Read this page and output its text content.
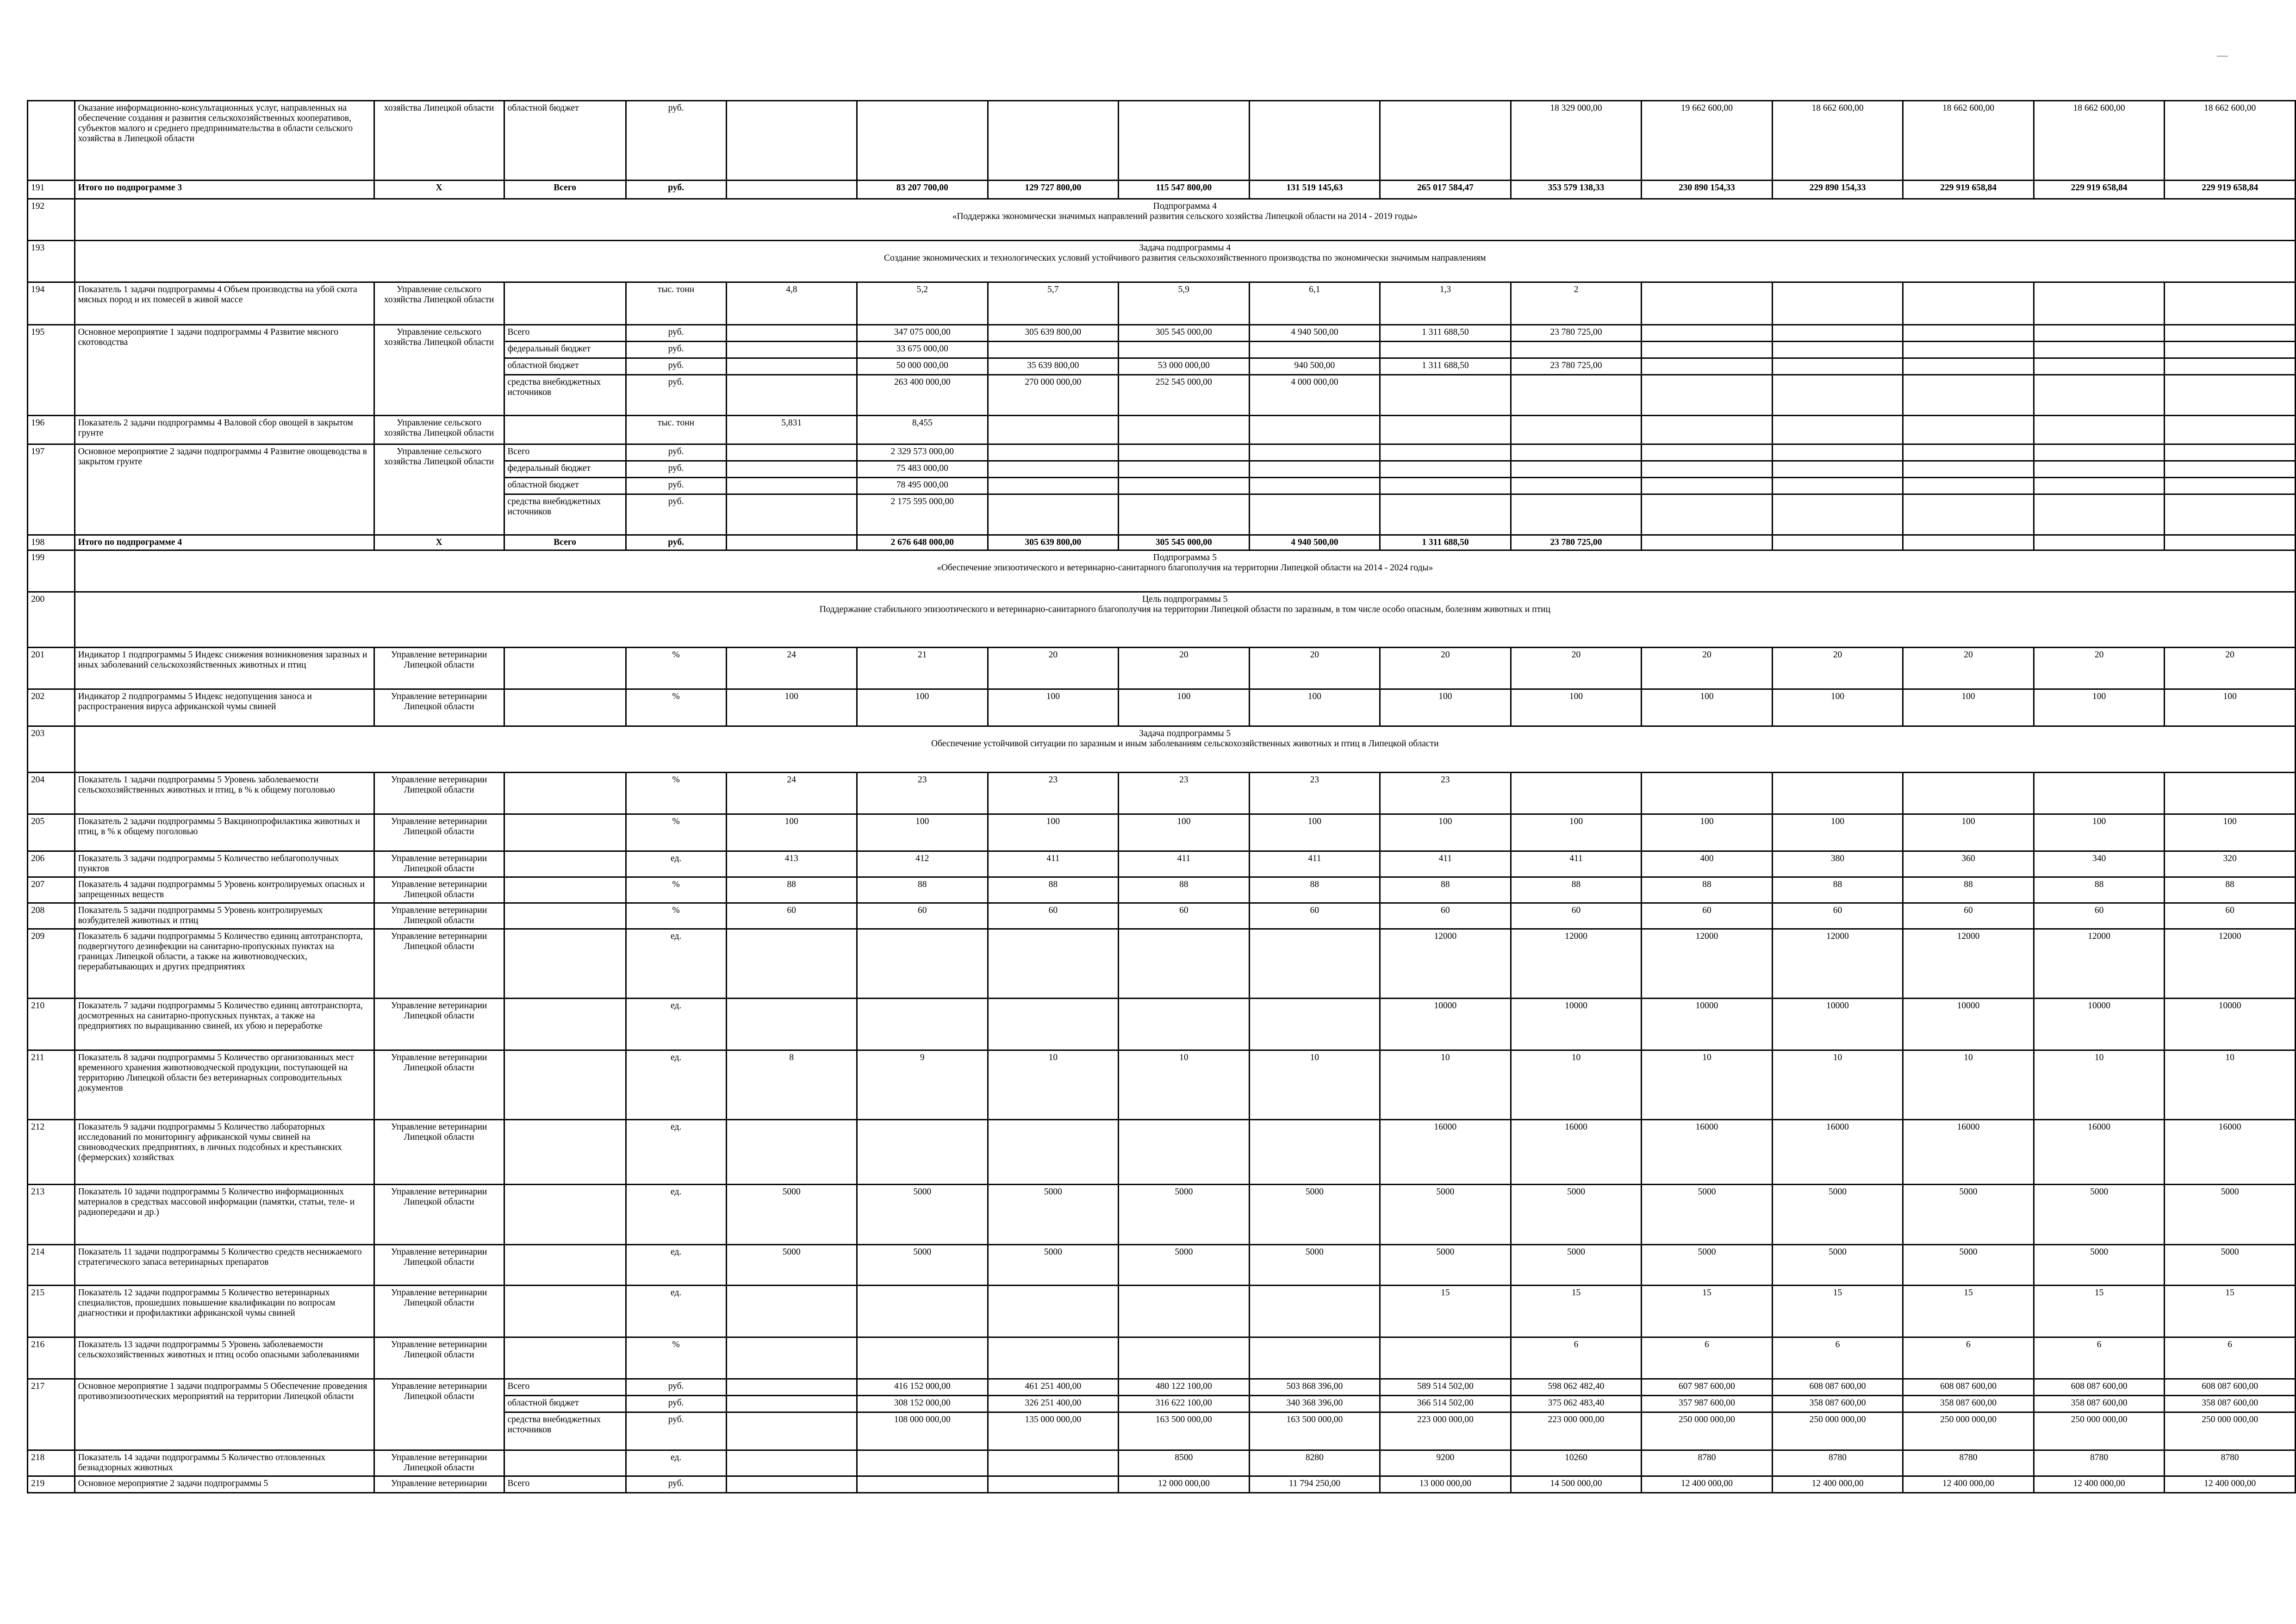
	Оказание информационно-консультационных услуг, направленных на обеспечение создания и развития сельскохозяйственных кооперативов, субъектов малого и среднего предпринимательства в области сельского хозяйства в Липецкой области	хозяйства Липецкой области	областной бюджет	руб.							18 329 000,00	19 662 600,00	18 662 600,00	18 662 600,00	18 662 600,00	18 662 600,00
191	Итого по подпрограмме 3	X	Всего	руб.		83 207 700,00	129 727 800,00	115 547 800,00	131 519 145,63	265 017 584,47	353 579 138,33	230 890 154,33	229 890 154,33	229 919 658,84	229 919 658,84	229 919 658,84
192	Подпрограмма 4
«Поддержка экономически значимых направлений развития сельского хозяйства Липецкой области на 2014 - 2019 годы»															

193	Задача подпрограммы 4
Создание экономических и технологических условий устойчивого развития сельскохозяйственного производства по экономически значимым направлениям															

194	Показатель 1 задачи подпрограммы 4 Объем производства на убой скота мясных пород и их помесей в живой массе	Управление сельского хозяйства Липецкой области		тыс. тонн	4,8	5,2	5,7	5,9	6,1	1,3	2					
195	Основное мероприятие 1 задачи подпрограммы 4 Развитие мясного скотоводства	Управление сельского хозяйства Липецкой области	Всего	руб.		347 075 000,00	305 639 800,00	305 545 000,00	4 940 500,00	1 311 688,50	23 780 725,00					
			федеральный бюджет	руб.		33 675 000,00										
			областной бюджет	руб.		50 000 000,00	35 639 800,00	53 000 000,00	940 500,00	1 311 688,50	23 780 725,00					
			средства внебюджетных источников	руб.		263 400 000,00	270 000 000,00	252 545 000,00	4 000 000,00							
196	Показатель 2 задачи подпрограммы 4 Валовой сбор овощей в закрытом грунте	Управление сельского хозяйства Липецкой области		тыс. тонн	5,831	8,455										
197	Основное мероприятие 2 задачи подпрограммы 4 Развитие овощеводства в закрытом грунте	Управление сельского хозяйства Липецкой области	Всего	руб.		2 329 573 000,00										
			федеральный бюджет	руб.		75 483 000,00										
			областной бюджет	руб.		78 495 000,00										
			средства внебюджетных источников	руб.		2 175 595 000,00										
198	Итого по подпрограмме 4	X	Всего	руб.		2 676 648 000,00	305 639 800,00	305 545 000,00	4 940 500,00	1 311 688,50	23 780 725,00					
199	Подпрограмма 5
«Обеспечение эпизоотического и ветеринарно-санитарного благополучия на территории Липецкой области на 2014 - 2024 годы»															

200	Цель подпрограммы 5
Поддержание стабильного эпизоотического и ветеринарно-санитарного благополучия на территории Липецкой области по заразным, в том числе особо опасным, болезням животных и птиц															

201	Индикатор 1 подпрограммы 5 Индекс снижения возникновения заразных и иных заболеваний сельскохозяйственных животных и птиц	Управление ветеринарии Липецкой области		%	24	21	20	20	20	20	20	20	20	20	20	20
202	Индикатор 2 подпрограммы 5 Индекс недопущения заноса и распространения вируса африканской чумы свиней	Управление ветеринарии Липецкой области		%	100	100	100	100	100	100	100	100	100	100	100	100
203	Задача подпрограммы 5
Обеспечение устойчивой ситуации по заразным и иным заболеваниям сельскохозяйственных животных и птиц в Липецкой области															

204	Показатель 1 задачи подпрограммы 5 Уровень заболеваемости сельскохозяйственных животных и птиц, в % к общему поголовью	Управление ветеринарии Липецкой области		%	24	23	23	23	23	23						
205	Показатель 2 задачи подпрограммы 5 Вакцинопрофилактика животных и птиц, в % к общему поголовью	Управление ветеринарии Липецкой области		%	100	100	100	100	100	100	100	100	100	100	100	100
206	Показатель 3 задачи подпрограммы 5 Количество неблагополучных пунктов	Управление ветеринарии Липецкой области		ед.	413	412	411	411	411	411	411	400	380	360	340	320
207	Показатель 4 задачи подпрограммы 5 Уровень контролируемых опасных и запрещенных веществ	Управление ветеринарии Липецкой области		%	88	88	88	88	88	88	88	88	88	88	88	88
208	Показатель 5 задачи подпрограммы 5 Уровень контролируемых возбудителей животных и птиц	Управление ветеринарии Липецкой области		%	60	60	60	60	60	60	60	60	60	60	60	60
209	Показатель 6 задачи подпрограммы 5 Количество единиц автотранспорта, подвергнутого дезинфекции на санитарно-пропускных пунктах на границах Липецкой области, а также на животноводческих, перерабатывающих и других предприятиях	Управление ветеринарии Липецкой области		ед.						12000	12000	12000	12000	12000	12000	12000
210	Показатель 7 задачи подпрограммы 5 Количество единиц автотранспорта, досмотренных на санитарно-пропускных пунктах, а также на предприятиях по выращиванию свиней, их убою и переработке	Управление ветеринарии Липецкой области		ед.						10000	10000	10000	10000	10000	10000	10000
211	Показатель 8 задачи подпрограммы 5 Количество организованных мест временного хранения животноводческой продукции, поступающей на территорию Липецкой области без ветеринарных сопроводительных документов	Управление ветеринарии Липецкой области		ед.	8	9	10	10	10	10	10	10	10	10	10	10
212	Показатель 9 задачи подпрограммы 5 Количество лабораторных исследований по мониторингу африканской чумы свиней на свиноводческих предприятиях, в личных подсобных и крестьянских (фермерских) хозяйствах	Управление ветеринарии Липецкой области		ед.						16000	16000	16000	16000	16000	16000	16000
213	Показатель 10 задачи подпрограммы 5 Количество информационных материалов в средствах массовой информации (памятки, статьи, теле- и радиопередачи и др.)	Управление ветеринарии Липецкой области		ед.	5000	5000	5000	5000	5000	5000	5000	5000	5000	5000	5000	5000
214	Показатель 11 задачи подпрограммы 5 Количество средств неснижаемого стратегического запаса ветеринарных препаратов	Управление ветеринарии Липецкой области		ед.	5000	5000	5000	5000	5000	5000	5000	5000	5000	5000	5000	5000
215	Показатель 12 задачи подпрограммы 5 Количество ветеринарных специалистов, прошедших повышение квалификации по вопросам диагностики и профилактики африканской чумы свиней	Управление ветеринарии Липецкой области		ед.						15	15	15	15	15	15	15
216	Показатель 13 задачи подпрограммы 5 Уровень заболеваемости сельскохозяйственных животных и птиц особо опасными заболеваниями	Управление ветеринарии Липецкой области		%							6	6	6	6	6	6
217	Основное мероприятие 1 задачи подпрограммы 5 Обеспечение проведения противоэпизоотических мероприятий на территории Липецкой области	Управление ветеринарии Липецкой области	Всего	руб.		416 152 000,00	461 251 400,00	480 122 100,00	503 868 396,00	589 514 502,00	598 062 482,40	607 987 600,00	608 087 600,00	608 087 600,00	608 087 600,00	608 087 600,00
			областной бюджет	руб.		308 152 000,00	326 251 400,00	316 622 100,00	340 368 396,00	366 514 502,00	375 062 483,40	357 987 600,00	358 087 600,00	358 087 600,00	358 087 600,00	358 087 600,00
			средства внебюджетных источников	руб.		108 000 000,00	135 000 000,00	163 500 000,00	163 500 000,00	223 000 000,00	223 000 000,00	250 000 000,00	250 000 000,00	250 000 000,00	250 000 000,00	250 000 000,00
218	Показатель 14 задачи подпрограммы 5 Количество отловленных безнадзорных животных	Управление ветеринарии Липецкой области		ед.				8500	8280	9200	10260	8780	8780	8780	8780	8780
219	Основное мероприятие 2 задачи подпрограммы 5	Управление ветеринарии	Всего	руб.				12 000 000,00	11 794 250,00	13 000 000,00	14 500 000,00	12 400 000,00	12 400 000,00	12 400 000,00	12 400 000,00	12 400 000,00
